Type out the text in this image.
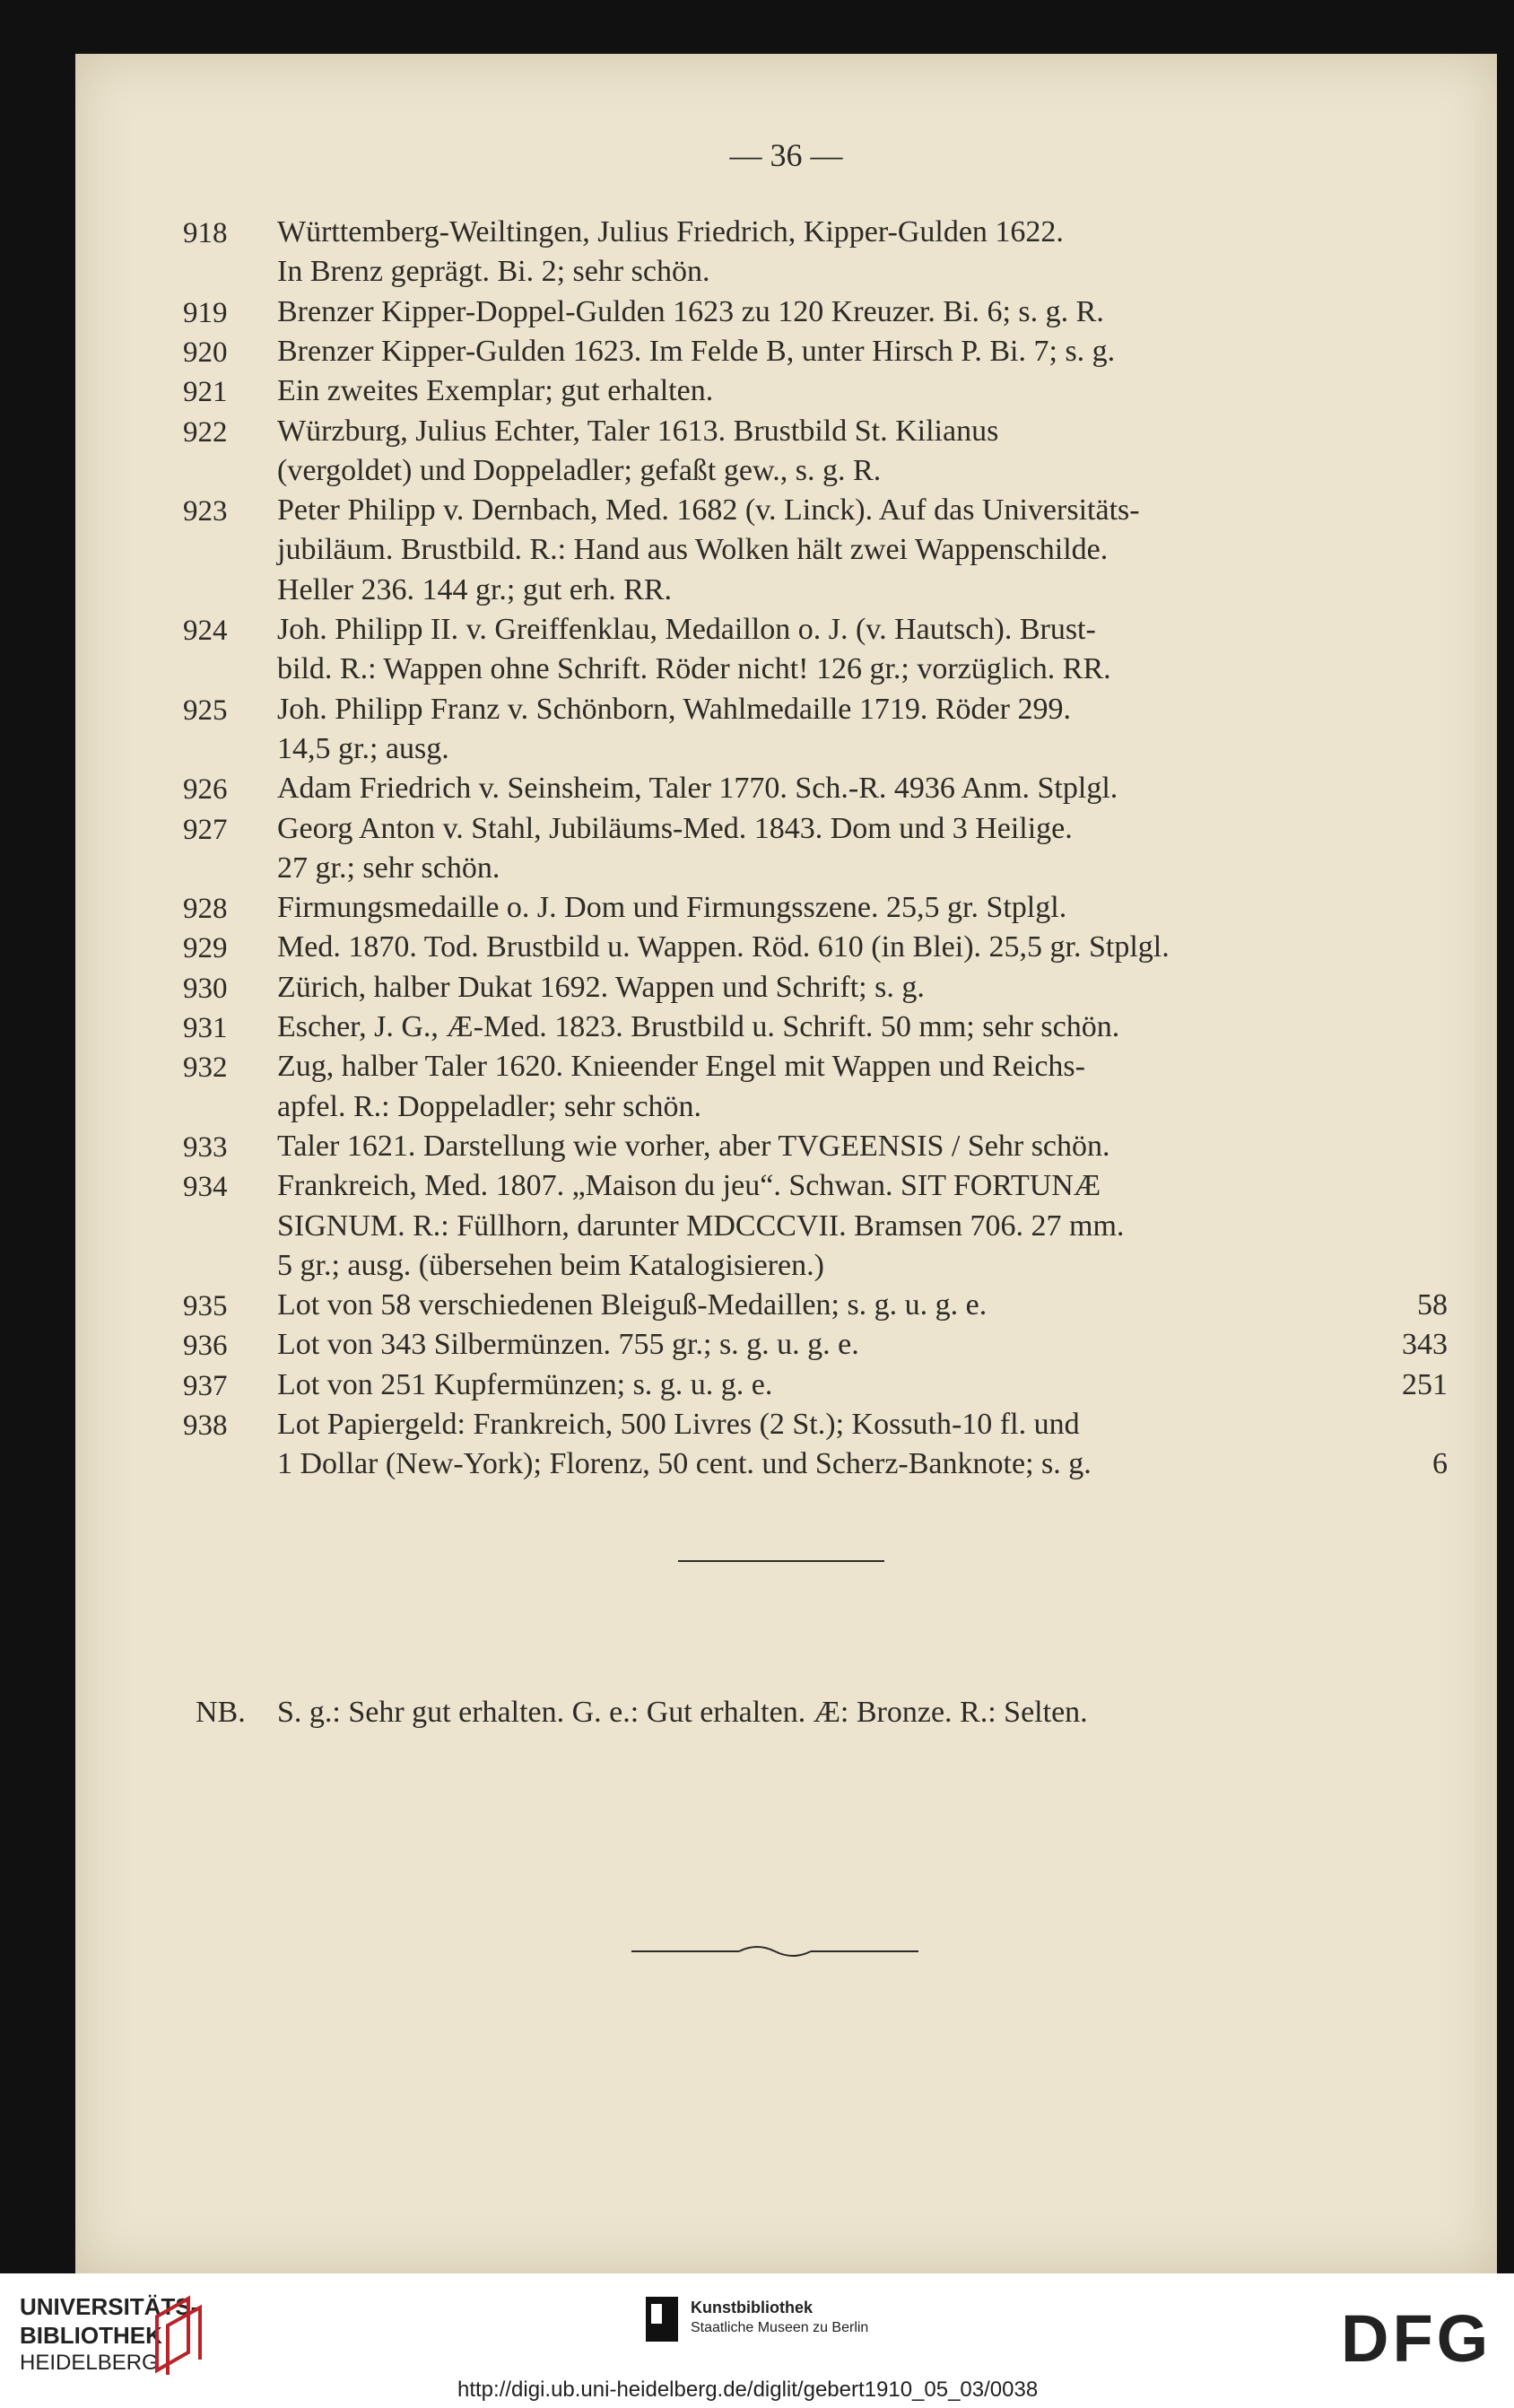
— 36 —
918 Württemberg-Weiltingen, Julius Friedrich, Kipper-Gulden 1622.
In Brenz geprägt. Bi. 2; sehr schön.
919 Brenzer Kipper-Doppel-Gulden 1623 zu 120 Kreuzer. Bi. 6; s. g. R.
920 Brenzer Kipper-Gulden 1623. Im Felde B, unter Hirsch P. Bi. 7; s. g.
921 Ein zweites Exemplar; gut erhalten.
922 Würzburg, Julius Echter, Taler 1613. Brustbild St. Kilianus
(vergoldet) und Doppeladler; gefaßt gew., s. g. R.
923 Peter Philipp v. Dernbach, Med. 1682 (v. Linck). Auf das Universitäts-
jubiläum. Brustbild. R.: Hand aus Wolken hält zwei Wappenschilde.
Heller 236. 144 gr.; gut erh. RR.
924 Joh. Philipp II. v. Greiffenklau, Medaillon o. J. (v. Hautsch). Brust-
bild. R.: Wappen ohne Schrift. Röder nicht! 126 gr.; vorzüglich. RR.
925 Joh. Philipp Franz v. Schönborn, Wahlmedaille 1719. Röder 299.
14,5 gr.; ausg.
926 Adam Friedrich v. Seinsheim, Taler 1770. Sch.-R. 4936 Anm. Stplgl.
927 Georg Anton v. Stahl, Jubiläums-Med. 1843. Dom und 3 Heilige.
27 gr.; sehr schön.
928 Firmungsmedaille o. J. Dom und Firmungsszene. 25,5 gr. Stplgl.
929 Med. 1870. Tod. Brustbild u. Wappen. Röd. 610 (in Blei). 25,5 gr. Stplgl.
930 Zürich, halber Dukat 1692. Wappen und Schrift; s. g.
931 Escher, J. G., Æ-Med. 1823. Brustbild u. Schrift. 50 mm; sehr schön.
932 Zug, halber Taler 1620. Knieender Engel mit Wappen und Reichs-
apfel. R.: Doppeladler; sehr schön.
933 Taler 1621. Darstellung wie vorher, aber TVGEENSIS / Sehr schön.
934 Frankreich, Med. 1807. „Maison du jeu“. Schwan. SIT FORTUNÆ
SIGNUM. R.: Füllhorn, darunter MDCCCVII. Bramsen 706. 27 mm.
5 gr.; ausg. (übersehen beim Katalogisieren.)
935 Lot von 58 verschiedenen Bleiguß-Medaillen; s. g. u. g. e.	58
936 Lot von 343 Silbermünzen. 755 gr.; s. g. u. g. e.	343
937 Lot von 251 Kupfermünzen; s. g. u. g. e.	251
938 Lot Papiergeld: Frankreich, 500 Livres (2 St.); Kossuth-10 fl. und
1 Dollar (New-York); Florenz, 50 cent. und Scherz-Banknote; s. g.	6
NB. S. g.: Sehr gut erhalten. G. e.: Gut erhalten. Æ: Bronze. R.: Selten.
UNIVERSITÄTS-
BIBLIOTHEK
HEIDELBERG
Kunstbibliothek
Staatliche Museen zu Berlin	DFG
http://digi.ub.uni-heidelberg.de/diglit/gebert1910_05_03/0038
